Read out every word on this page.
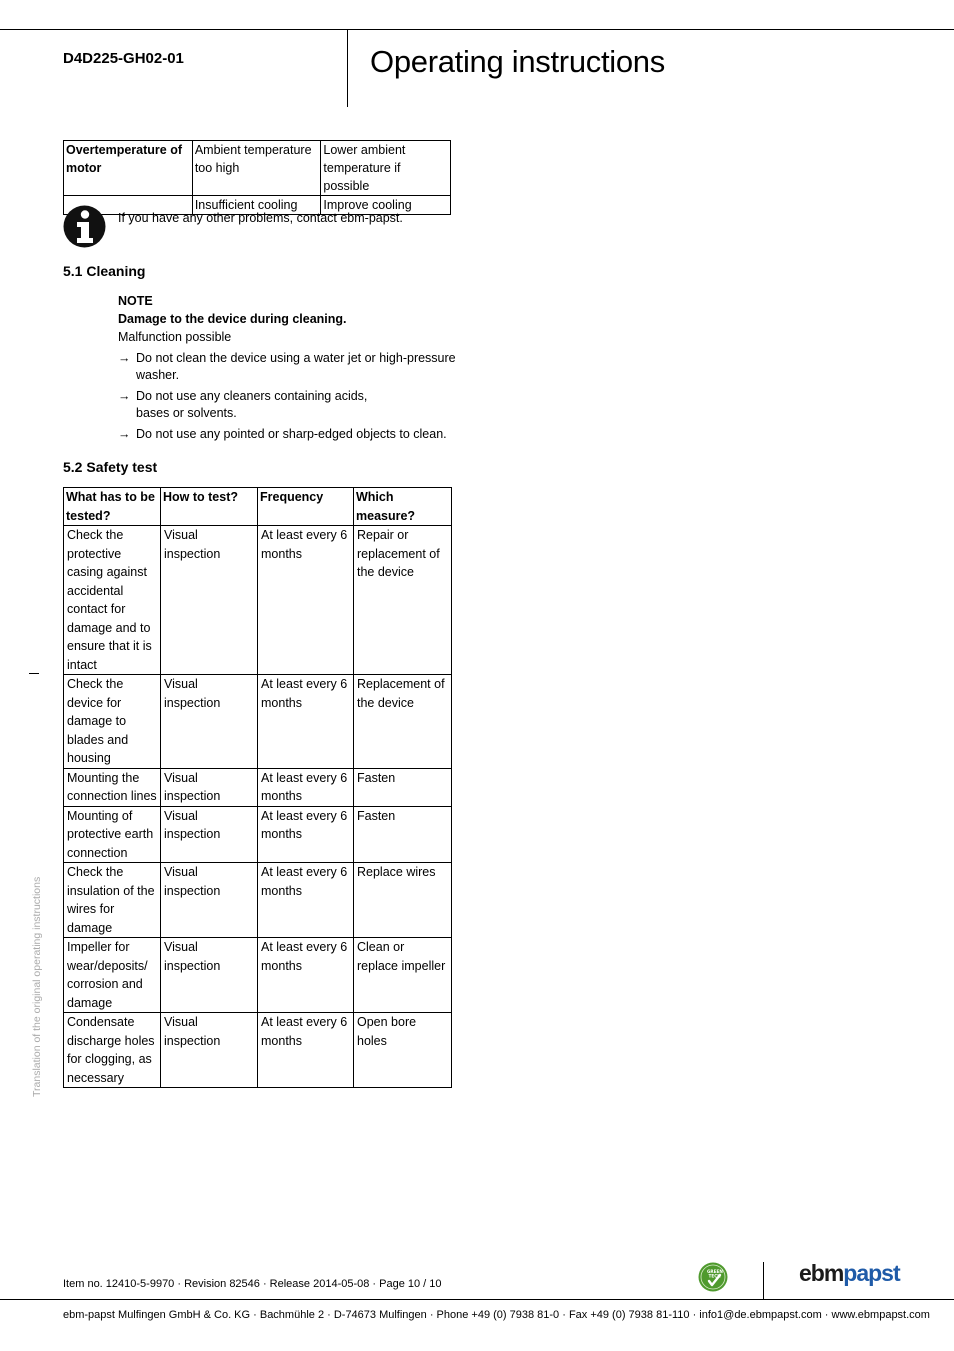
D4D225-GH02-01	Operating instructions
Overtemperature of motor	Ambient temperature too high	Lower ambient temperature if possible
	Insufficient cooling	Improve cooling
If you have any other problems, contact ebm-papst.
5.1 Cleaning
NOTE
Damage to the device during cleaning.
Malfunction possible
→ Do not clean the device using a water jet or high-pressure washer.
→ Do not use any cleaners containing acids, bases or solvents.
→ Do not use any pointed or sharp-edged objects to clean.
5.2 Safety test
What has to be tested?	How to test?	Frequency	Which measure?
Check the protective casing against accidental contact for damage and to ensure that it is intact	Visual inspection	At least every 6 months	Repair or replacement of the device
Check the device for damage to blades and housing	Visual inspection	At least every 6 months	Replacement of the device
Mounting the connection lines	Visual inspection	At least every 6 months	Fasten
Mounting of protective earth connection	Visual inspection	At least every 6 months	Fasten
Check the insulation of the wires for damage	Visual inspection	At least every 6 months	Replace wires
Impeller for wear/deposits/ corrosion and damage	Visual inspection	At least every 6 months	Clean or replace impeller
Condensate discharge holes for clogging, as necessary	Visual inspection	At least every 6 months	Open bore holes
Translation of the original operating instructions
Item no. 12410-5-9970 · Revision 82546 · Release 2014-05-08 · Page 10 / 10
GREEN
TECH	ebmpapst
ebm-papst Mulfingen GmbH & Co. KG · Bachmühle 2 · D-74673 Mulfingen · Phone +49 (0) 7938 81-0 · Fax +49 (0) 7938 81-110 · info1@de.ebmpapst.com · www.ebmpapst.com
